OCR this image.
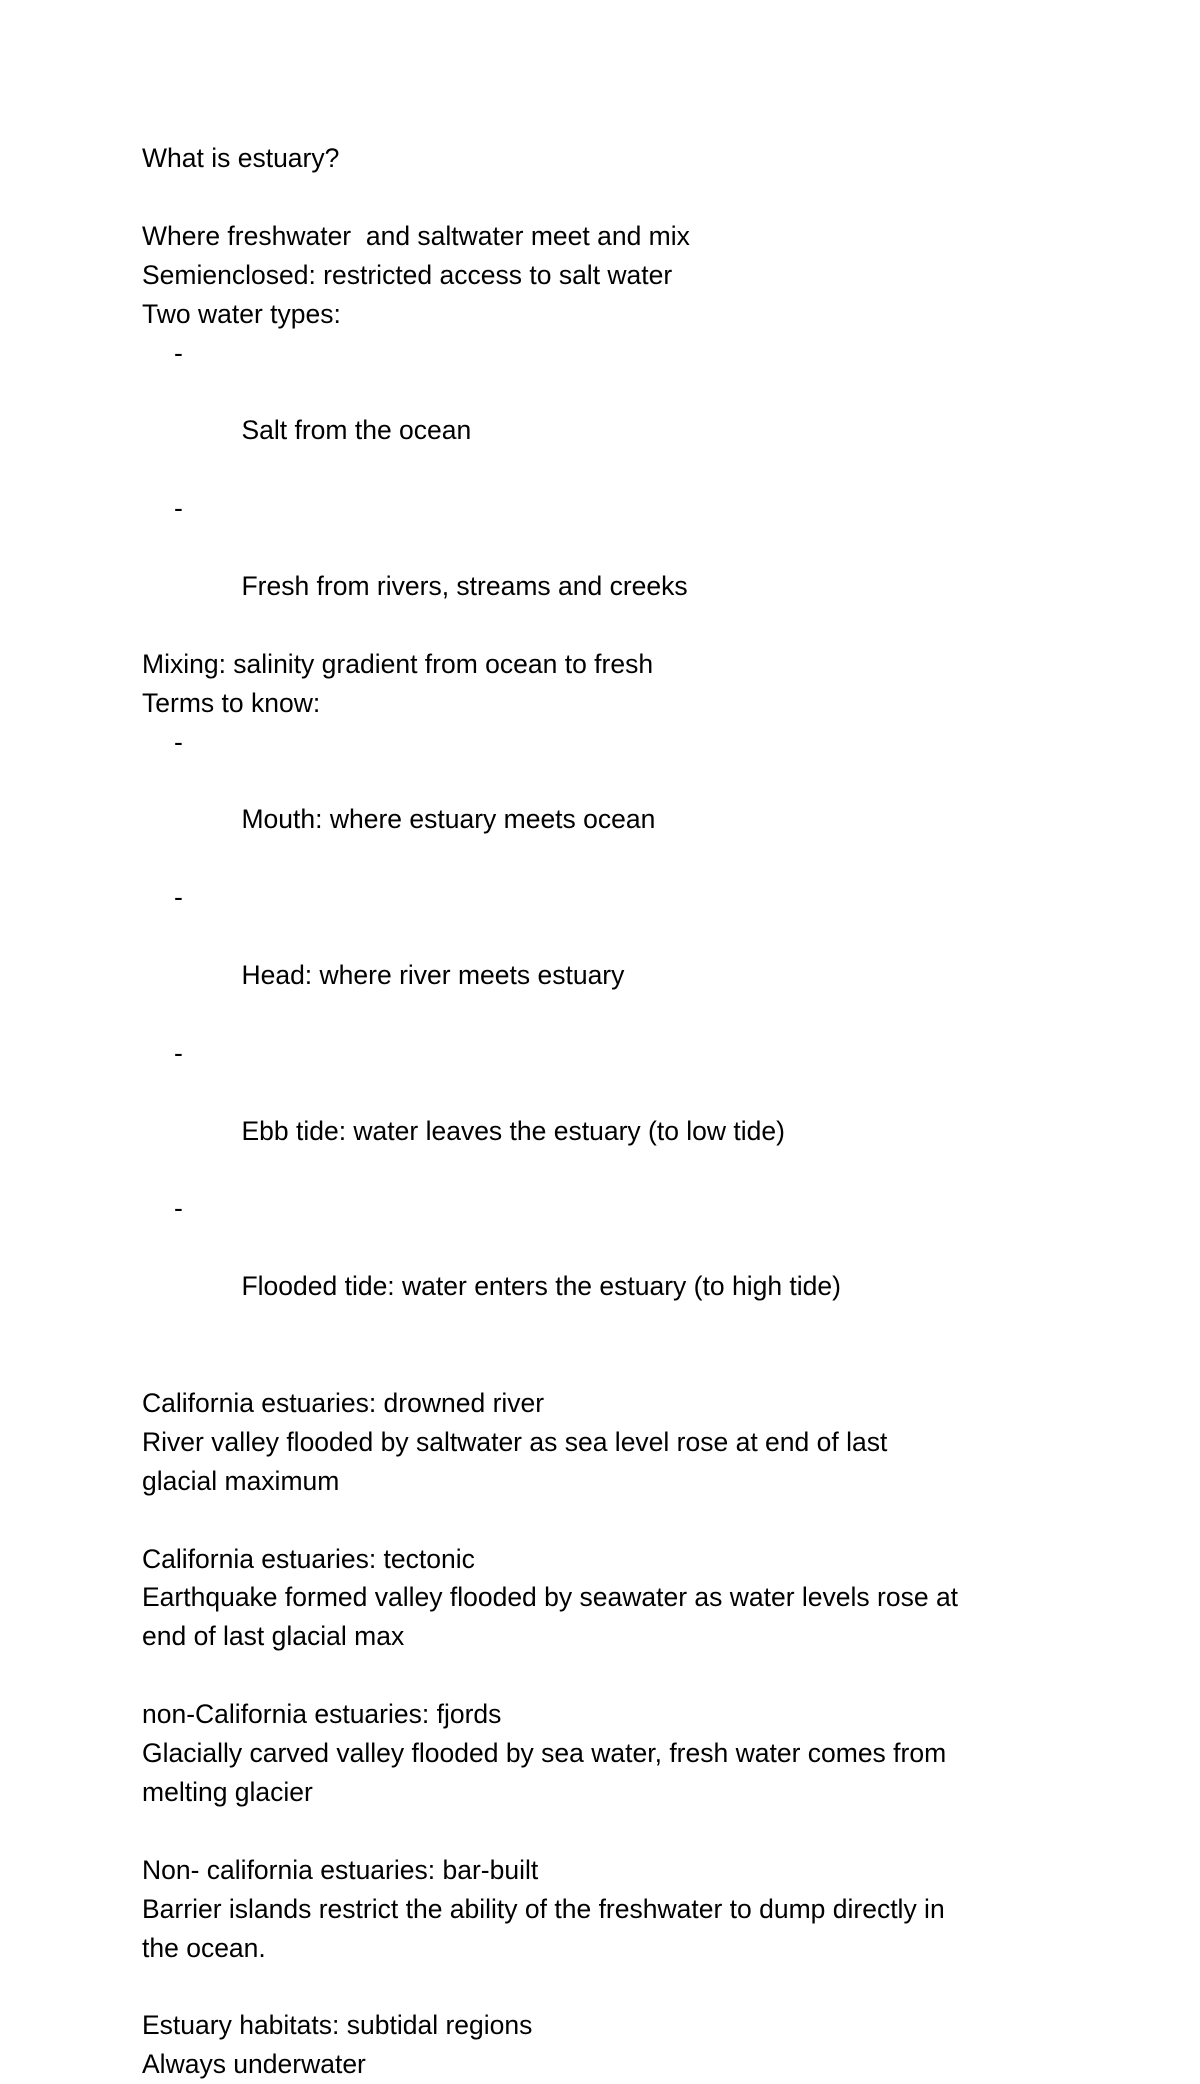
What is estuary?
Where freshwater  and saltwater meet and mix
Semienclosed: restricted access to salt water
Two water types:

-

Salt from the ocean

-

Fresh from rivers, streams and creeks

Mixing: salinity gradient from ocean to fresh
Terms to know:

-

Mouth: where estuary meets ocean

-

Head: where river meets estuary

-

Ebb tide: water leaves the estuary (to low tide)

-

Flooded tide: water enters the estuary (to high tide)

California estuaries: drowned river
River valley flooded by saltwater as sea level rose at end of last
glacial maximum
California estuaries: tectonic
Earthquake formed valley flooded by seawater as water levels rose at
end of last glacial max
non-California estuaries: fjords
Glacially carved valley flooded by sea water, fresh water comes from
melting glacier
Non- california estuaries: bar-built
Barrier islands restrict the ability of the freshwater to dump directly in
the ocean.
Estuary habitats: subtidal regions
Always underwater
